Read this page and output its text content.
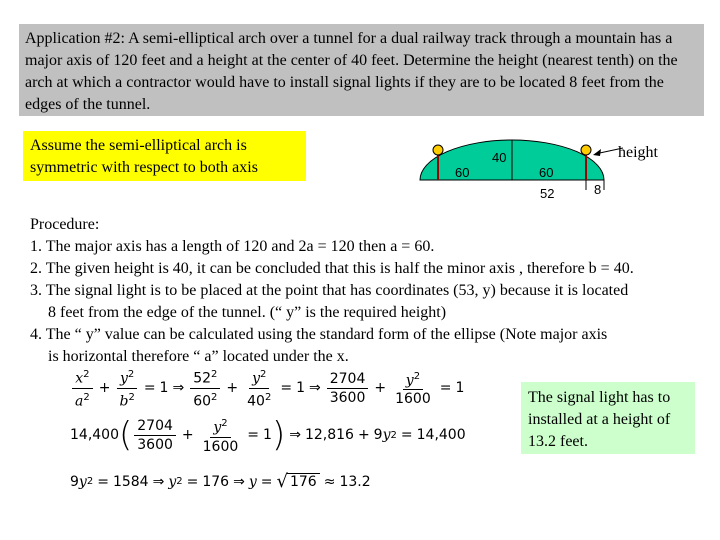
Application #2: A semi-elliptical arch over a tunnel for a dual railway track through a mountain has a major axis of 120 feet and a height at the center of 40 feet. Determine the height (nearest tenth) on the arch at which a contractor would have to install signal lights if they are to be located 8 feet from the edges of the tunnel.
Assume the semi-elliptical arch is symmetric with respect to both axis
40
60	60
52	8
height
Procedure:
1. The major axis has a length of 120 and 2a = 120 then a = 60.
2. The given height is 40, it can be concluded that this is half the minor axis , therefore b = 40.
3. The signal light is to be placed at the point that has coordinates (53, y) because it is located
8 feet from the edge of the tunnel. (“ y” is the required height)
4. The “ y” value can be calculated using the standard form of the ellipse (Note major axis
is horizontal therefore “ a” located under the x.
$\frac{x^2}{a^2} + \frac{y^2}{b^2} = 1$ ⇒ $\frac{52^2}{60^2} + \frac{y^2}{40^2} = 1$ ⇒ $\frac{2704}{3600} + \frac{y^2}{1600} = 1$
14,400 ( $\frac{2704}{3600} + \frac{y^2}{1600} = 1$ ) ⇒ 12,816 + 9 y 2 = 14,400
9 y 2 = 1584 ⇒ y 2 = 176 ⇒ y = √ 176 ≈ 13.2
The signal light has to installed at a height of 13.2 feet.
